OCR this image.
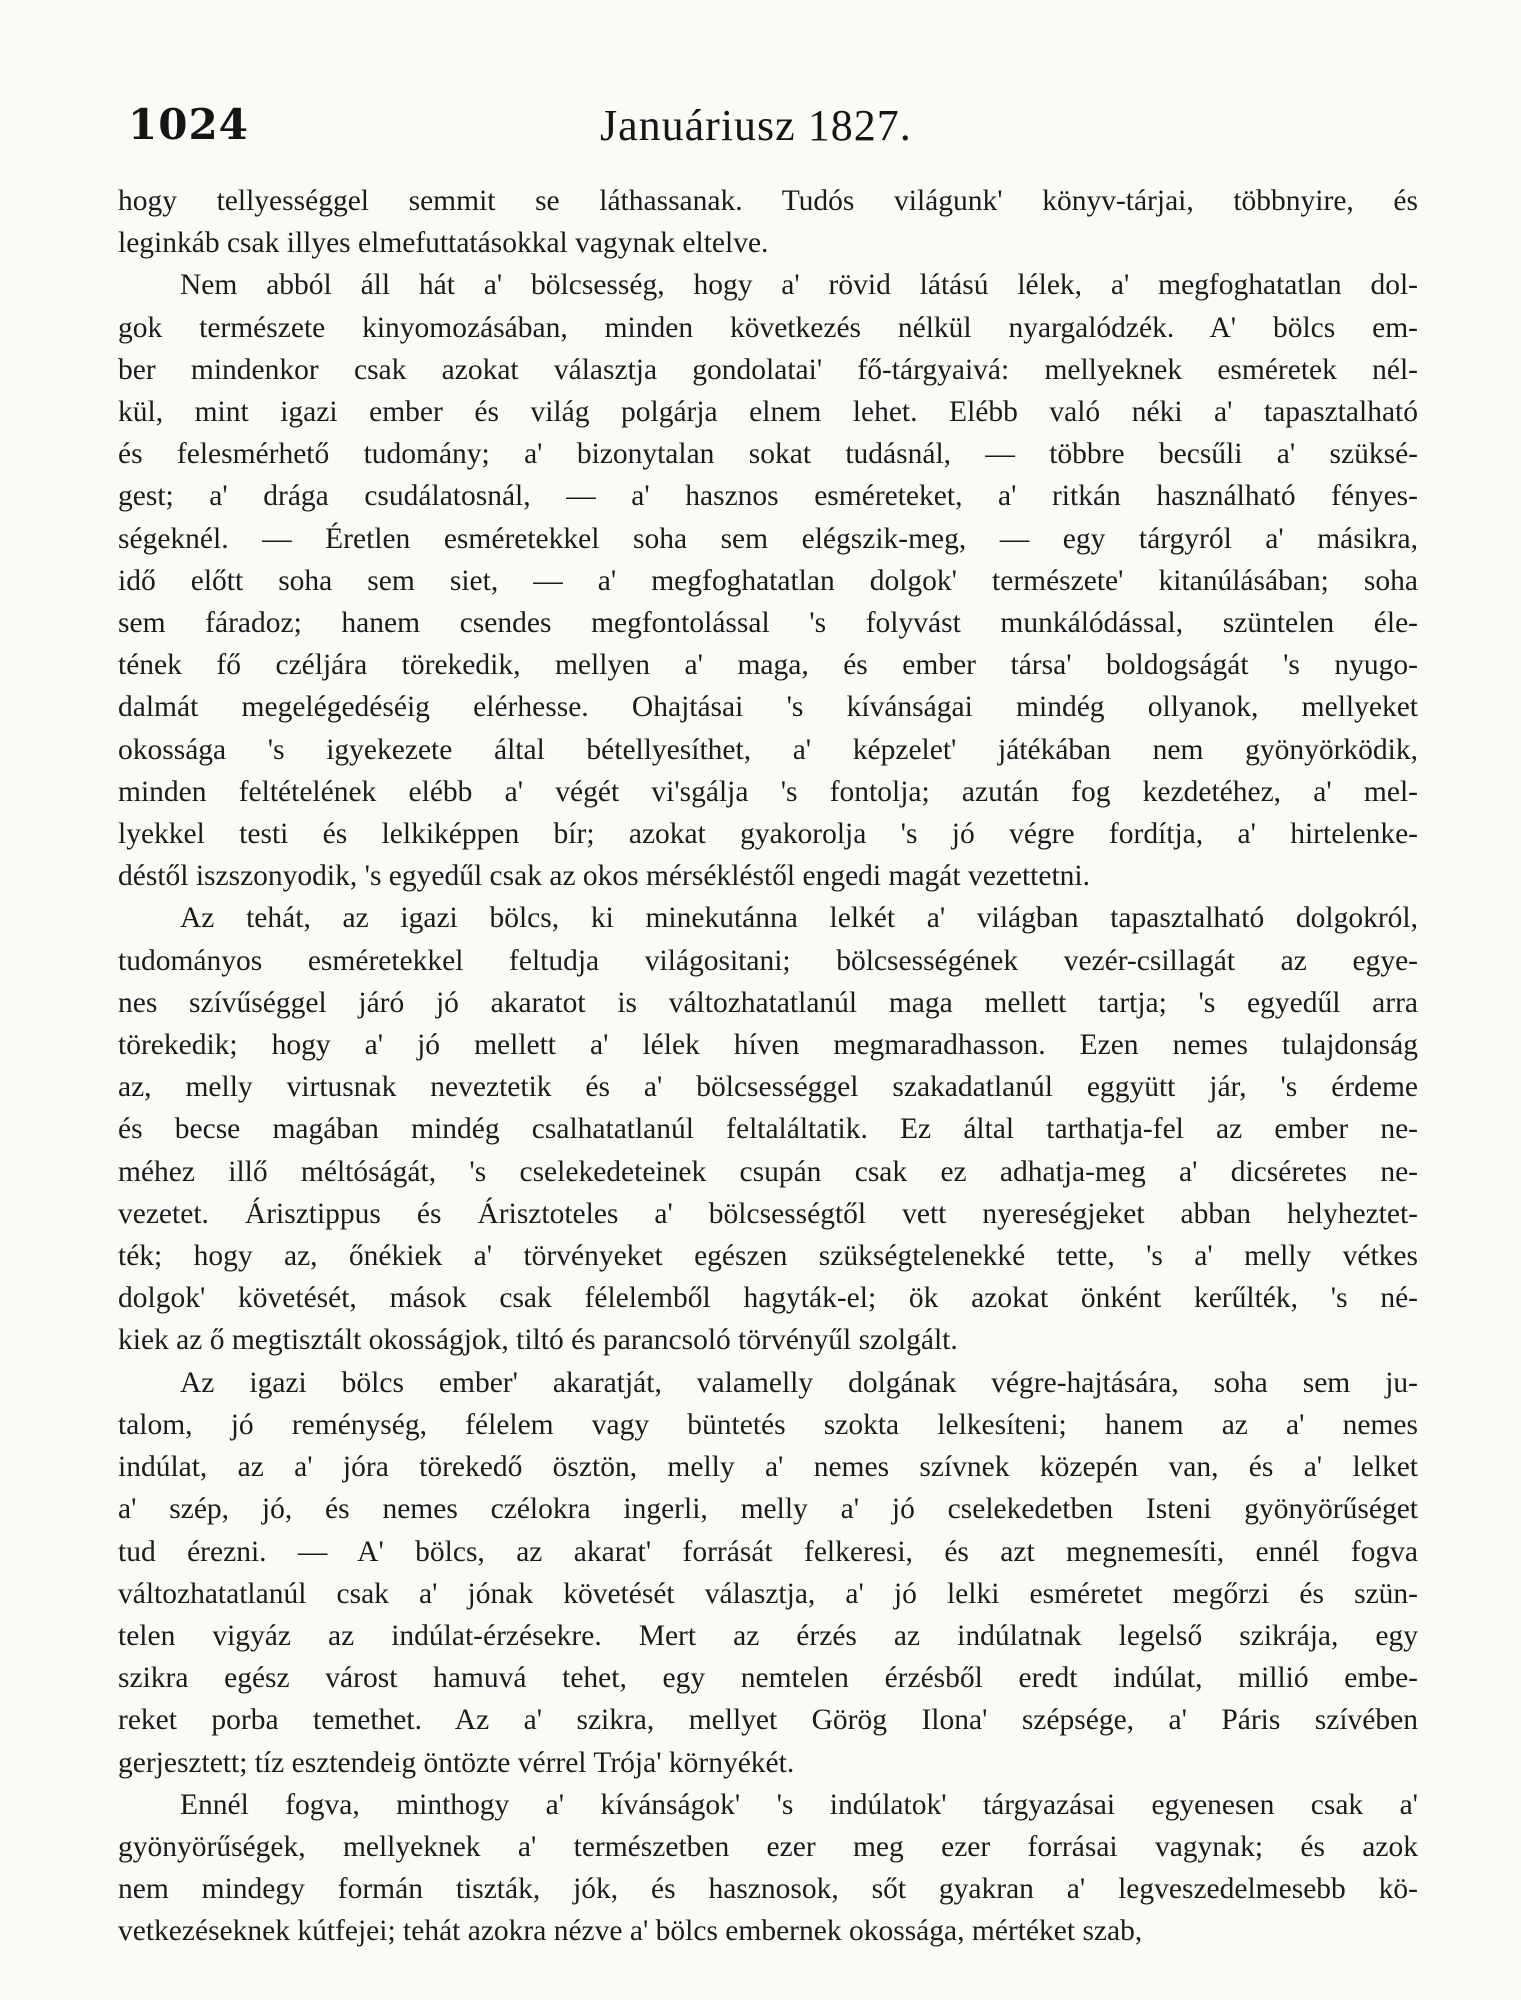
1024	Januáriusz 1827.

hogy tellyességgel semmit se láthassanak. Tudós világunk' könyv-tárjai, többnyire, és
leginkáb csak illyes elmefuttatásokkal vagynak eltelve.

Nem abból áll hát a' bölcsesség, hogy a' rövid látású lélek, a' megfoghatatlan dol-
gok természete kinyomozásában, minden következés nélkül nyargalódzék. A' bölcs em-
ber mindenkor csak azokat választja gondolatai' fő-tárgyaivá: mellyeknek esméretek nél-
kül, mint igazi ember és világ polgárja elnem lehet. Elébb való néki a' tapasztalható
és felesmérhető tudomány; a' bizonytalan sokat tudásnál, — többre becsűli a' szüksé-
gest; a' drága csudálatosnál, — a' hasznos esméreteket, a' ritkán használható fényes-
ségeknél. — Éretlen esméretekkel soha sem elégszik-meg, — egy tárgyról a' másikra,
idő előtt soha sem siet, — a' megfoghatatlan dolgok' természete' kitanúlásában; soha
sem fáradoz; hanem csendes megfontolással 's folyvást munkálódással, szüntelen éle-
tének fő czéljára törekedik, mellyen a' maga, és ember társa' boldogságát 's nyugo-
dalmát megelégedéséig elérhesse. Ohajtásai 's kívánságai mindég ollyanok, mellyeket
okossága 's igyekezete által bétellyesíthet, a' képzelet' játékában nem gyönyörködik,
minden feltételének elébb a' végét vi'sgálja 's fontolja; azután fog kezdetéhez, a' mel-
lyekkel testi és lelkiképpen bír; azokat gyakorolja 's jó végre fordítja, a' hirtelenke-
déstől iszszonyodik, 's egyedűl csak az okos mérsékléstől engedi magát vezettetni.

Az tehát, az igazi bölcs, ki minekutánna lelkét a' világban tapasztalható dolgokról,
tudományos esméretekkel feltudja világositani; bölcsességének vezér-csillagát az egye-
nes szívűséggel járó jó akaratot is változhatatlanúl maga mellett tartja; 's egyedűl arra
törekedik; hogy a' jó mellett a' lélek híven megmaradhasson. Ezen nemes tulajdonság
az, melly virtusnak neveztetik és a' bölcsességgel szakadatlanúl eggyütt jár, 's érdeme
és becse magában mindég csalhatatlanúl feltaláltatik. Ez által tarthatja-fel az ember ne-
méhez illő méltóságát, 's cselekedeteinek csupán csak ez adhatja-meg a' dicséretes ne-
vezetet. Árisztippus és Árisztoteles a' bölcsességtől vett nyereségjeket abban helyheztet-
ték; hogy az, őnékiek a' törvényeket egészen szükségtelenekké tette, 's a' melly vétkes
dolgok' követését, mások csak félelemből hagyták-el; ök azokat önként kerűlték, 's né-
kiek az ő megtisztált okosságjok, tiltó és parancsoló törvényűl szolgált.

Az igazi bölcs ember' akaratját, valamelly dolgának végre-hajtására, soha sem ju-
talom, jó reménység, félelem vagy büntetés szokta lelkesíteni; hanem az a' nemes
indúlat, az a' jóra törekedő ösztön, melly a' nemes szívnek közepén van, és a' lelket
a' szép, jó, és nemes czélokra ingerli, melly a' jó cselekedetben Isteni gyönyörűséget
tud érezni. — A' bölcs, az akarat' forrását felkeresi, és azt megnemesíti, ennél fogva
változhatatlanúl csak a' jónak követését választja, a' jó lelki esméretet megőrzi és szün-
telen vigyáz az indúlat-érzésekre. Mert az érzés az indúlatnak legelső szikrája, egy
szikra egész várost hamuvá tehet, egy nemtelen érzésből eredt indúlat, millió embe-
reket porba temethet. Az a' szikra, mellyet Görög Ilona' szépsége, a' Páris szívében
gerjesztett; tíz esztendeig öntözte vérrel Trója' környékét.

Ennél fogva, minthogy a' kívánságok' 's indúlatok' tárgyazásai egyenesen csak a'
gyönyörűségek, mellyeknek a' természetben ezer meg ezer forrásai vagynak; és azok
nem mindegy formán tiszták, jók, és hasznosok, sőt gyakran a' legveszedelmesebb kö-
vetkezéseknek kútfejei; tehát azokra nézve a' bölcs embernek okossága, mértéket szab,
